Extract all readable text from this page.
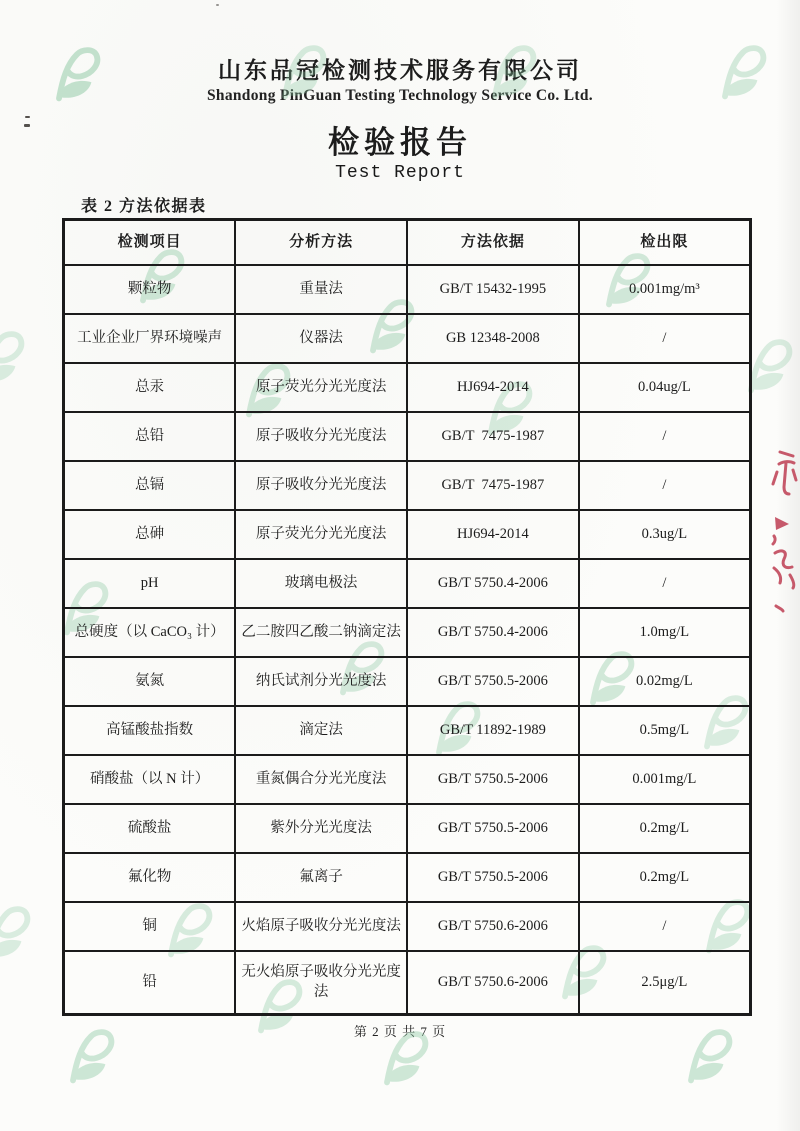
山东品冠检测技术服务有限公司
Shandong PinGuan Testing Technology Service Co. Ltd.
检验报告
Test Report
表 2 方法依据表
检测项目	分析方法	方法依据	检出限
颗粒物	重量法	GB/T 15432-1995	0.001mg/m³
工业企业厂界环境噪声	仪器法	GB 12348-2008	/
总汞	原子荧光分光光度法	HJ694-2014	0.04ug/L
总铅	原子吸收分光光度法	GB/T  7475-1987	/
总镉	原子吸收分光光度法	GB/T  7475-1987	/
总砷	原子荧光分光光度法	HJ694-2014	0.3ug/L
pH	玻璃电极法	GB/T 5750.4-2006	/
总硬度（以 CaCO₃ 计）	乙二胺四乙酸二钠滴定法	GB/T 5750.4-2006	1.0mg/L
氨氮	纳氏试剂分光光度法	GB/T 5750.5-2006	0.02mg/L
高锰酸盐指数	滴定法	GB/T 11892-1989	0.5mg/L
硝酸盐（以 N 计）	重氮偶合分光光度法	GB/T 5750.5-2006	0.001mg/L
硫酸盐	紫外分光光度法	GB/T 5750.5-2006	0.2mg/L
氟化物	氟离子	GB/T 5750.5-2006	0.2mg/L
铜	火焰原子吸收分光光度法	GB/T 5750.6-2006	/
铅	无火焰原子吸收分光光度法	GB/T 5750.6-2006	2.5μg/L
第 2 页 共 7 页
